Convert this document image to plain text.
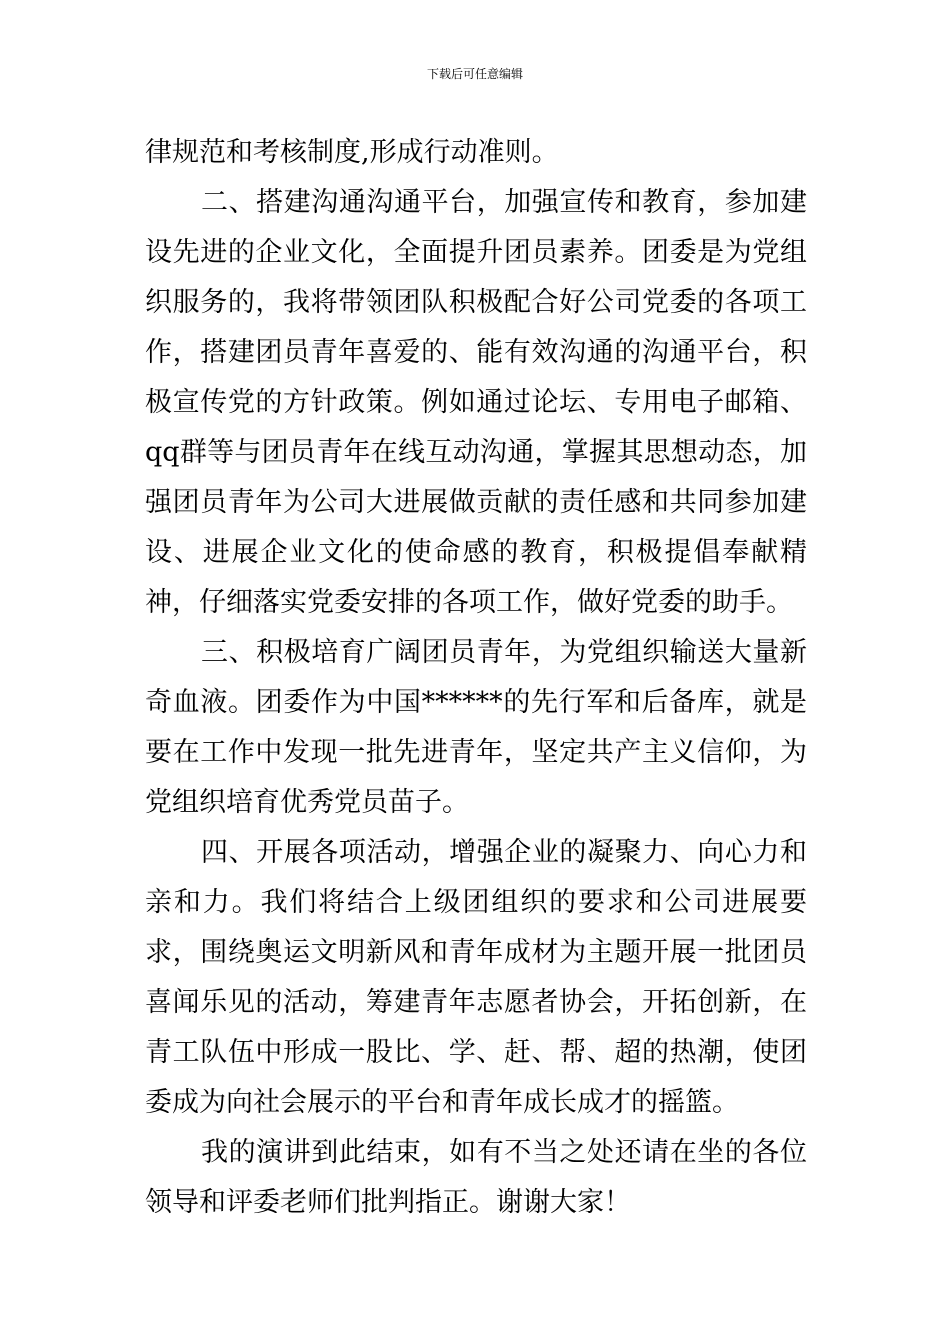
下载后可任意编辑

律规范和考核制度,形成行动准则。

二、搭建沟通沟通平台，加强宣传和教育，参加建设先进的企业文化，全面提升团员素养。团委是为党组织服务的，我将带领团队积极配合好公司党委的各项工作，搭建团员青年喜爱的、能有效沟通的沟通平台，积极宣传党的方针政策。例如通过论坛、专用电子邮箱、qq群等与团员青年在线互动沟通，掌握其思想动态，加强团员青年为公司大进展做贡献的责任感和共同参加建设、进展企业文化的使命感的教育，积极提倡奉献精神，仔细落实党委安排的各项工作，做好党委的助手。

三、积极培育广阔团员青年，为党组织输送大量新奇血液。团委作为中国******的先行军和后备库，就是要在工作中发现一批先进青年，坚定共产主义信仰，为党组织培育优秀党员苗子。

四、开展各项活动，增强企业的凝聚力、向心力和亲和力。我们将结合上级团组织的要求和公司进展要求，围绕奥运文明新风和青年成材为主题开展一批团员喜闻乐见的活动，筹建青年志愿者协会，开拓创新，在青工队伍中形成一股比、学、赶、帮、超的热潮，使团委成为向社会展示的平台和青年成长成才的摇篮。

我的演讲到此结束，如有不当之处还请在坐的各位领导和评委老师们批判指正。谢谢大家！
